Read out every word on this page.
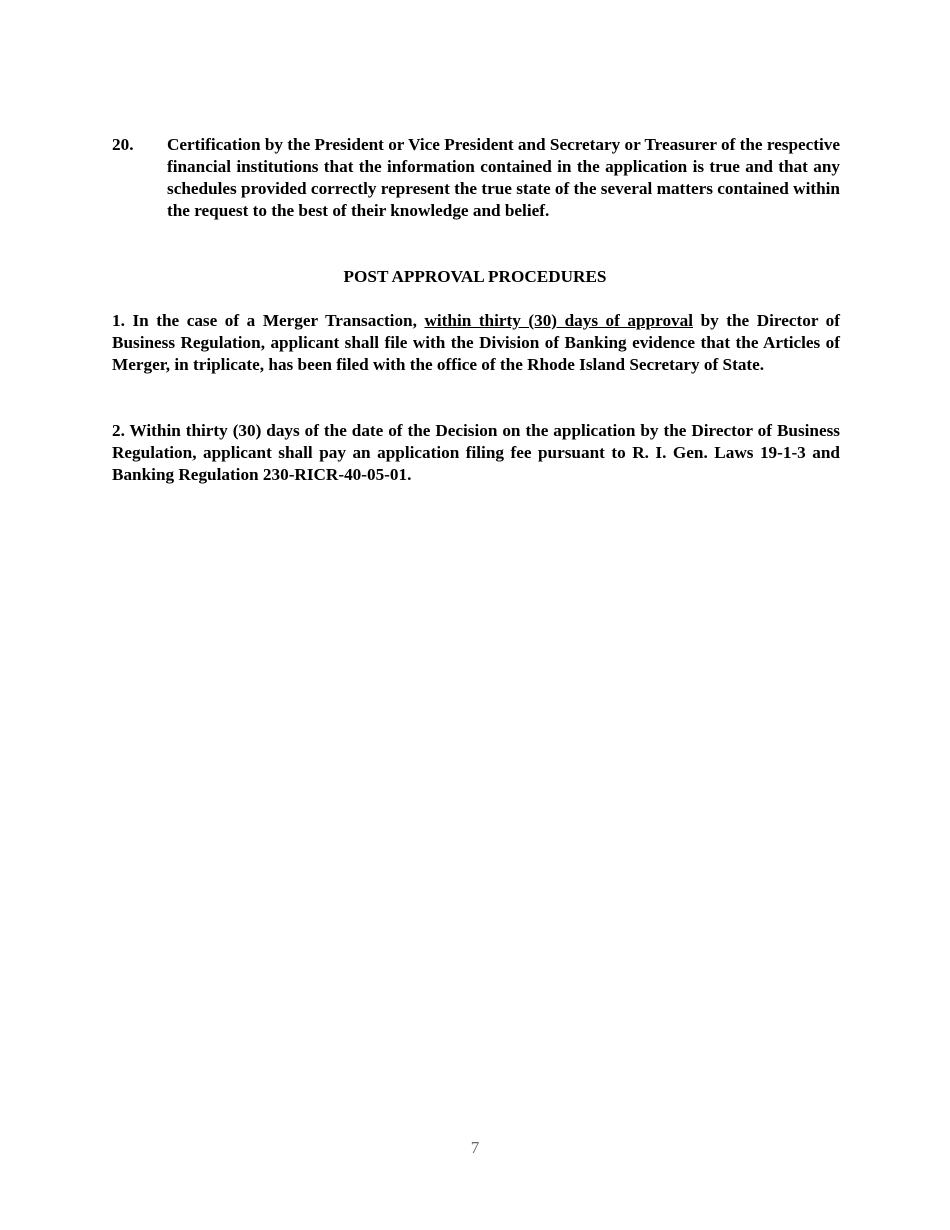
20.	Certification by the President or Vice President and Secretary or Treasurer of the respective financial institutions that the information contained in the application is true and that any schedules provided correctly represent the true state of the several matters contained within the request to the best of their knowledge and belief.
POST APPROVAL PROCEDURES
1. In the case of a Merger Transaction, within thirty (30) days of approval by the Director of Business Regulation, applicant shall file with the Division of Banking evidence that the Articles of Merger, in triplicate, has been filed with the office of the Rhode Island Secretary of State.
2. Within thirty (30) days of the date of the Decision on the application by the Director of Business Regulation, applicant shall pay an application filing fee pursuant to R. I. Gen. Laws 19-1-3 and Banking Regulation 230-RICR-40-05-01.
7
